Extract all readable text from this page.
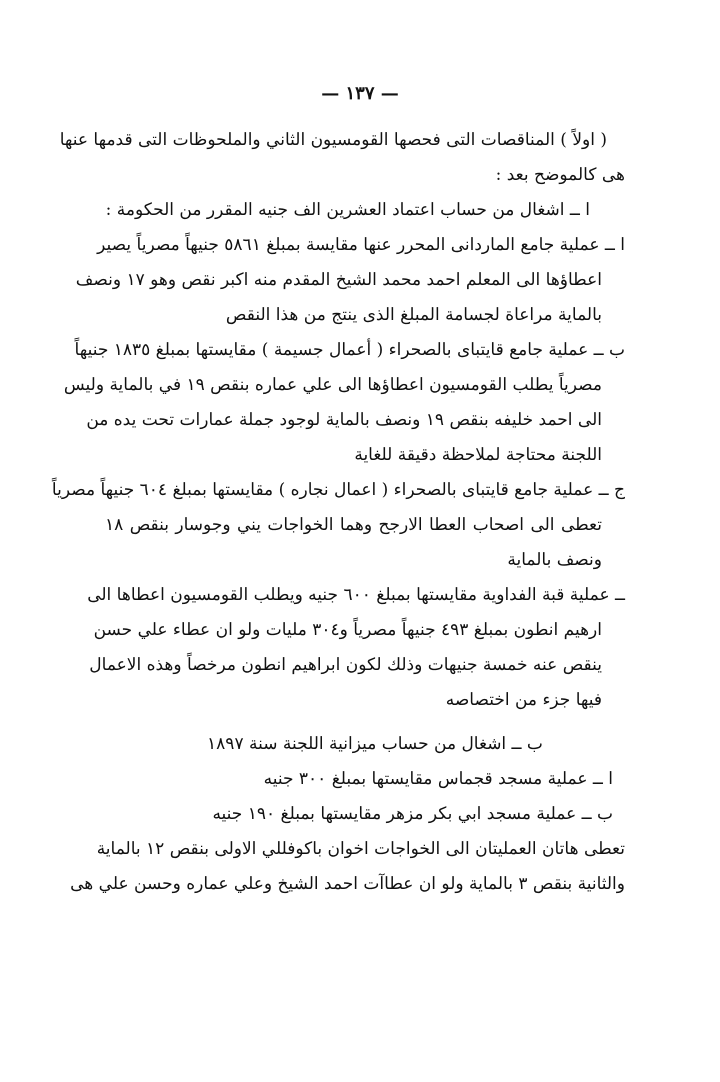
— ١٣٧ —
( اولاً ) المناقصات التى فحصها القومسيون الثاني والملحوظات التى قدمها عنها
هى كالموضح بعد :
ا ــ اشغال من حساب اعتماد العشرين الف جنيه المقرر من الحكومة :
ا ــ عملية جامع الماردانى المحرر عنها مقايسة بمبلغ ٥٨٦١ جنيهاً مصرياً يصير
اعطاؤها الى المعلم احمد محمد الشيخ المقدم منه اكبر نقص وهو ١٧ ونصف
بالماية مراعاة لجسامة المبلغ الذى ينتج من هذا النقص
ب ــ عملية جامع قايتباى بالصحراء ( أعمال جسيمة ) مقايستها بمبلغ ١٨٣٥ جنيهاً
مصرياً يطلب القومسيون اعطاؤها الى علي عماره بنقص ١٩ في بالماية وليس
الى احمد خليفه بنقص ١٩ ونصف بالماية لوجود جملة عمارات تحت يده من
اللجنة محتاجة لملاحظة دقيقة للغاية
ج ــ عملية جامع قايتباى بالصحراء ( اعمال نجاره ) مقايستها بمبلغ ٦٠٤ جنيهاً مصرياً
تعطى الى اصحاب العطا الارجح وهما الخواجات يني وجوسار بنقص ١٨
ونصف بالماية
ــ عملية قبة الفداوية مقايستها بمبلغ ٦٠٠ جنيه ويطلب القومسيون اعطاها الى
ارهيم انطون بمبلغ ٤٩٣ جنيهاً مصرياً و٣٠٤ مليات ولو ان عطاء علي حسن
ينقص عنه خمسة جنيهات وذلك لكون ابراهيم انطون مرخصاً وهذه الاعمال
فيها جزء من اختصاصه
ب ــ اشغال من حساب ميزانية اللجنة سنة ١٨٩٧
ا ــ عملية مسجد قجماس مقايستها بمبلغ ٣٠٠ جنيه
ب ــ عملية مسجد ابي بكر مزهر مقايستها بمبلغ ١٩٠ جنيه
تعطى هاتان العمليتان الى الخواجات اخوان باكوفللي الاولى بنقص ١٢ بالماية
والثانية بنقص ٣ بالماية ولو ان عطاآت احمد الشيخ وعلي عماره وحسن علي هى
